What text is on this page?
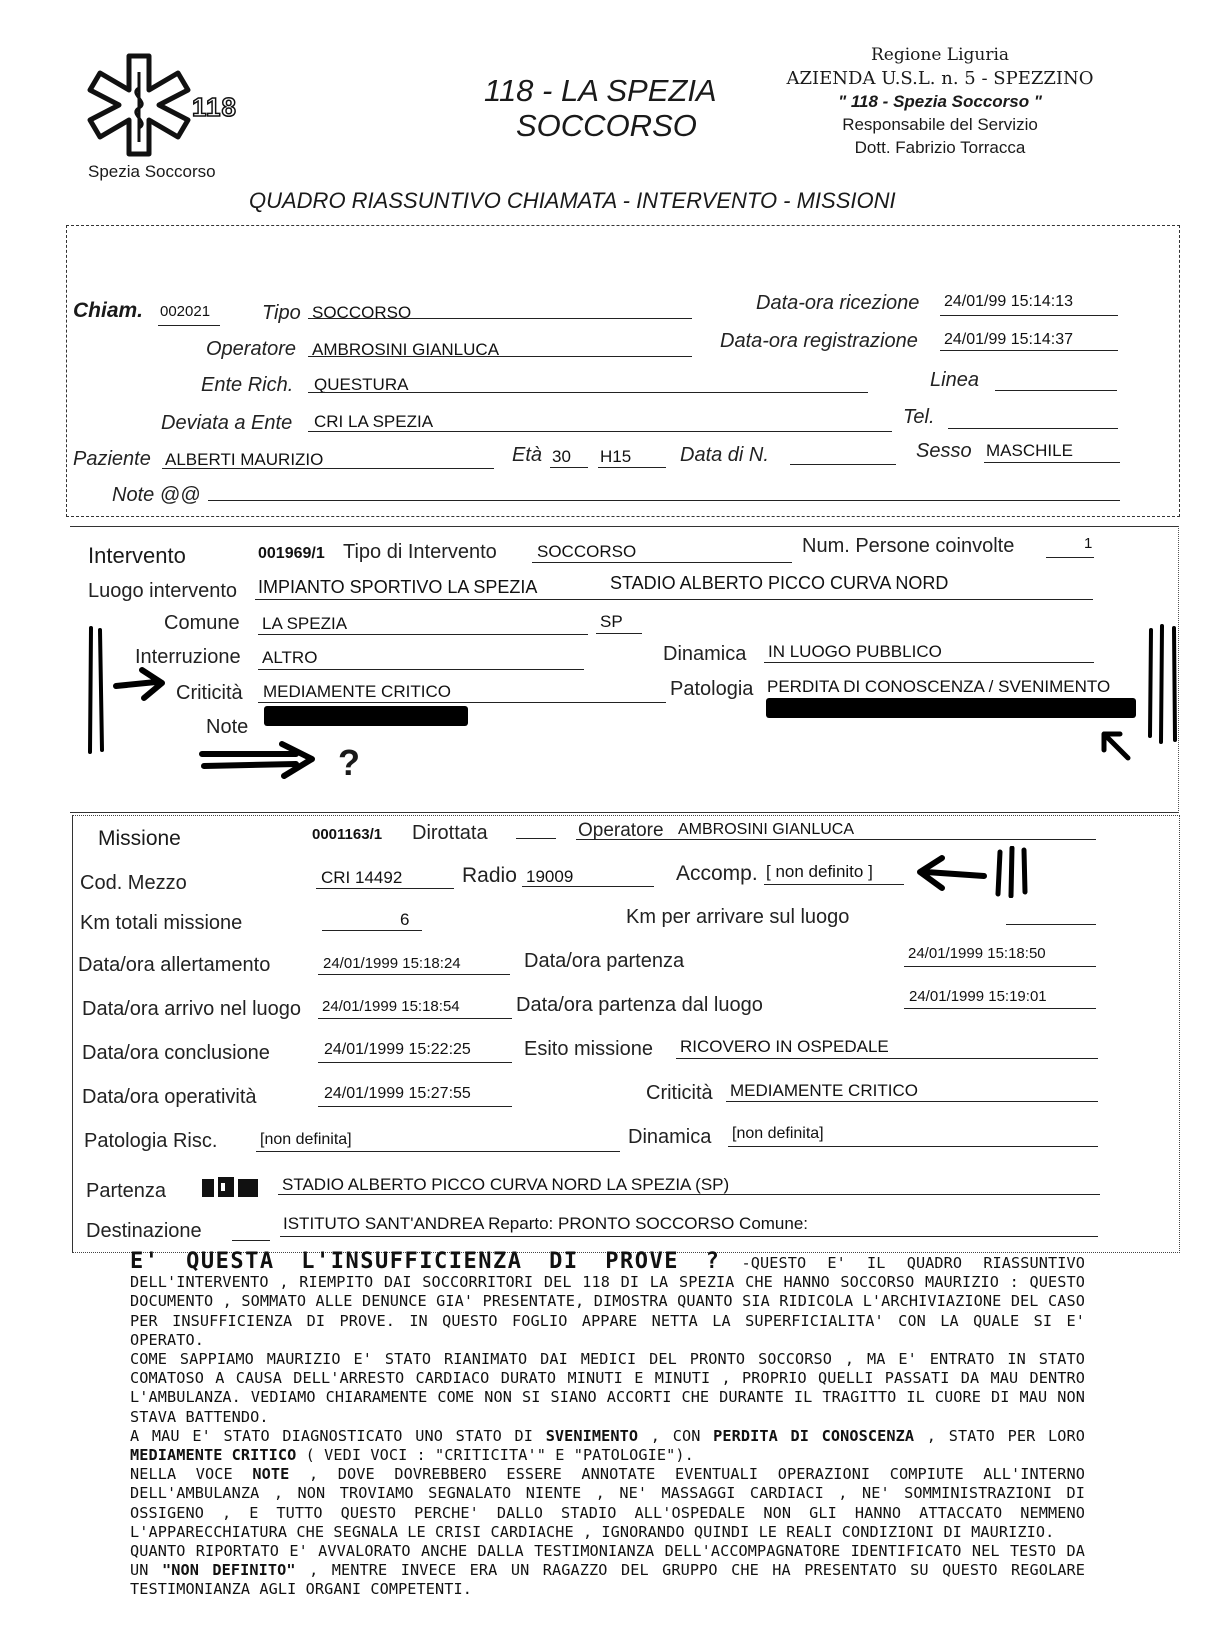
118
Spezia Soccorso
118 - LA SPEZIA
SOCCORSO
Regione Liguria
AZIENDA U.S.L. n. 5 - SPEZZINO
" 118 - Spezia Soccorso "
Responsabile del Servizio
Dott. Fabrizio Torracca
QUADRO RIASSUNTIVO CHIAMATA - INTERVENTO - MISSIONI
Chiam. 002021	Tipo SOCCORSO	Data-ora ricezione 24/01/99 15:14:13
Operatore AMBROSINI GIANLUCA	Data-ora registrazione 24/01/99 15:14:37
Ente Rich. QUESTURA	Linea
Deviata a Ente CRI LA SPEZIA	Tel.
Paziente ALBERTI MAURIZIO	Età 30 H15 Data di N.	Sesso MASCHILE
Note @@
Intervento	001969/1 Tipo di Intervento SOCCORSO	Num. Persone coinvolte	1
Luogo intervento IMPIANTO SPORTIVO LA SPEZIA	STADIO ALBERTO PICCO CURVA NORD
Comune LA SPEZIA	SP
Interruzione ALTRO	Dinamica IN LUOGO PUBBLICO
Criticità MEDIAMENTE CRITICO	Patologia PERDITA DI CONOSCENZA / SVENIMENTO
Note
?
Missione	0001163/1 Dirottata	Operatore AMBROSINI GIANLUCA
Cod. Mezzo	CRI 14492	Radio 19009	Accomp. [ non definito ]
Km totali missione	6	Km per arrivare sul luogo
Data/ora allertamento	24/01/1999 15:18:24	Data/ora partenza	24/01/1999 15:18:50
Data/ora arrivo nel luogo 24/01/1999 15:18:54	Data/ora partenza dal luogo	24/01/1999 15:19:01
Data/ora conclusione	24/01/1999 15:22:25	Esito missione RICOVERO IN OSPEDALE
Data/ora operatività	24/01/1999 15:27:55	Criticità MEDIAMENTE CRITICO
Patologia Risc.	[non definita]	Dinamica [non definita]
Partenza	STADIO ALBERTO PICCO CURVA NORD LA SPEZIA (SP)
Destinazione	ISTITUTO SANT'ANDREA Reparto: PRONTO SOCCORSO Comune:

E' QUESTA L'INSUFFICIENZA DI PROVE ? -QUESTO E' IL QUADRO RIASSUNTIVO DELL'INTERVENTO , RIEMPITO DAI SOCCORRITORI DEL 118 DI LA SPEZIA CHE HANNO SOCCORSO MAURIZIO : QUESTO DOCUMENTO , SOMMATO ALLE DENUNCE GIA' PRESENTATE, DIMOSTRA QUANTO SIA RIDICOLA L'ARCHIVIAZIONE DEL CASO PER INSUFFICIENZA DI PROVE. IN QUESTO FOGLIO APPARE NETTA LA SUPERFICIALITA' CON LA QUALE SI E' OPERATO.

COME SAPPIAMO MAURIZIO E' STATO RIANIMATO DAI MEDICI DEL PRONTO SOCCORSO , MA E' ENTRATO IN STATO COMATOSO A CAUSA DELL'ARRESTO CARDIACO DURATO MINUTI E MINUTI , PROPRIO QUELLI PASSATI DA MAU DENTRO L'AMBULANZA. VEDIAMO CHIARAMENTE COME NON SI SIANO ACCORTI CHE DURANTE IL TRAGITTO IL CUORE DI MAU NON STAVA BATTENDO.

A MAU E' STATO DIAGNOSTICATO UNO STATO DI SVENIMENTO , CON PERDITA DI CONOSCENZA , STATO PER LORO MEDIAMENTE CRITICO ( VEDI VOCI : "CRITICITA'" E "PATOLOGIE").

NELLA VOCE NOTE , DOVE DOVREBBERO ESSERE ANNOTATE EVENTUALI OPERAZIONI COMPIUTE ALL'INTERNO DELL'AMBULANZA , NON TROVIAMO SEGNALATO NIENTE , NE' MASSAGGI CARDIACI , NE' SOMMINISTRAZIONI DI OSSIGENO , E TUTTO QUESTO PERCHE' DALLO STADIO ALL'OSPEDALE NON GLI HANNO ATTACCATO NEMMENO L'APPARECCHIATURA CHE SEGNALA LE CRISI CARDIACHE , IGNORANDO QUINDI LE REALI CONDIZIONI DI MAURIZIO.

QUANTO RIPORTATO E' AVVALORATO ANCHE DALLA TESTIMONIANZA DELL'ACCOMPAGNATORE IDENTIFICATO NEL TESTO DA UN "NON DEFINITO" , MENTRE INVECE ERA UN RAGAZZO DEL GRUPPO CHE HA PRESENTATO SU QUESTO REGOLARE TESTIMONIANZA AGLI ORGANI COMPETENTI.
